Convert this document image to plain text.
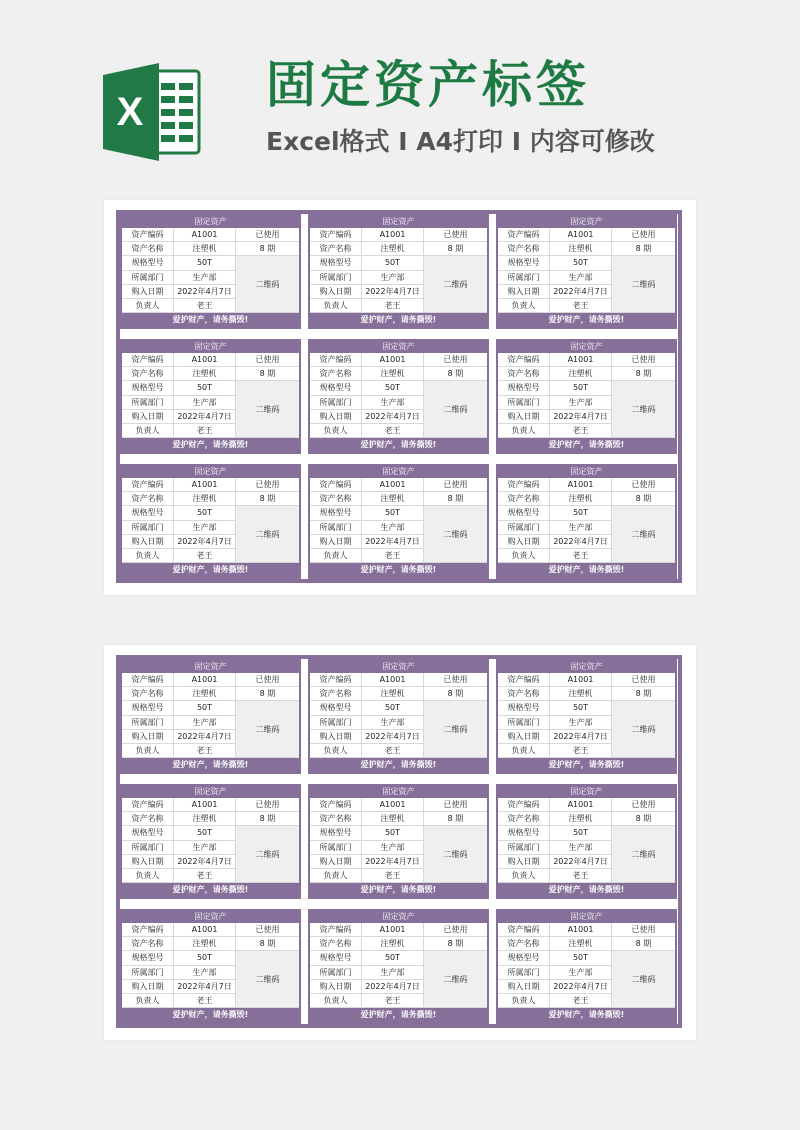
X 固定资产标签
Excel格式 Ⅰ A4打印 Ⅰ 内容可修改
固定资产
资产编码	A1001	已使用
资产名称	注塑机	8 期
规格型号	50T
二维码
所属部门	生产部
购入日期	2022年4月7日
负责人	老王
爱护财产，请务撕毁!
固定资产
资产编码	A1001	已使用
资产名称	注塑机	8 期
规格型号	50T
二维码
所属部门	生产部
购入日期	2022年4月7日
负责人	老王
爱护财产，请务撕毁!
固定资产
资产编码	A1001	已使用
资产名称	注塑机	8 期
规格型号	50T
二维码
所属部门	生产部
购入日期	2022年4月7日
负责人	老王
爱护财产，请务撕毁!
固定资产
资产编码	A1001	已使用
资产名称	注塑机	8 期
规格型号	50T
二维码
所属部门	生产部
购入日期	2022年4月7日
负责人	老王
爱护财产，请务撕毁!
固定资产
资产编码	A1001	已使用
资产名称	注塑机	8 期
规格型号	50T
二维码
所属部门	生产部
购入日期	2022年4月7日
负责人	老王
爱护财产，请务撕毁!
固定资产
资产编码	A1001	已使用
资产名称	注塑机	8 期
规格型号	50T
二维码
所属部门	生产部
购入日期	2022年4月7日
负责人	老王
爱护财产，请务撕毁!
固定资产
资产编码	A1001	已使用
资产名称	注塑机	8 期
规格型号	50T
二维码
所属部门	生产部
购入日期	2022年4月7日
负责人	老王
爱护财产，请务撕毁!
固定资产
资产编码	A1001	已使用
资产名称	注塑机	8 期
规格型号	50T
二维码
所属部门	生产部
购入日期	2022年4月7日
负责人	老王
爱护财产，请务撕毁!
固定资产
资产编码	A1001	已使用
资产名称	注塑机	8 期
规格型号	50T
二维码
所属部门	生产部
购入日期	2022年4月7日
负责人	老王
爱护财产，请务撕毁!
固定资产
资产编码	A1001	已使用
资产名称	注塑机	8 期
规格型号	50T
二维码
所属部门	生产部
购入日期	2022年4月7日
负责人	老王
爱护财产，请务撕毁!
固定资产
资产编码	A1001	已使用
资产名称	注塑机	8 期
规格型号	50T
二维码
所属部门	生产部
购入日期	2022年4月7日
负责人	老王
爱护财产，请务撕毁!
固定资产
资产编码	A1001	已使用
资产名称	注塑机	8 期
规格型号	50T
二维码
所属部门	生产部
购入日期	2022年4月7日
负责人	老王
爱护财产，请务撕毁!
固定资产
资产编码	A1001	已使用
资产名称	注塑机	8 期
规格型号	50T
二维码
所属部门	生产部
购入日期	2022年4月7日
负责人	老王
爱护财产，请务撕毁!
固定资产
资产编码	A1001	已使用
资产名称	注塑机	8 期
规格型号	50T
二维码
所属部门	生产部
购入日期	2022年4月7日
负责人	老王
爱护财产，请务撕毁!
固定资产
资产编码	A1001	已使用
资产名称	注塑机	8 期
规格型号	50T
二维码
所属部门	生产部
购入日期	2022年4月7日
负责人	老王
爱护财产，请务撕毁!
固定资产
资产编码	A1001	已使用
资产名称	注塑机	8 期
规格型号	50T
二维码
所属部门	生产部
购入日期	2022年4月7日
负责人	老王
爱护财产，请务撕毁!
固定资产
资产编码	A1001	已使用
资产名称	注塑机	8 期
规格型号	50T
二维码
所属部门	生产部
购入日期	2022年4月7日
负责人	老王
爱护财产，请务撕毁!
固定资产
资产编码	A1001	已使用
资产名称	注塑机	8 期
规格型号	50T
二维码
所属部门	生产部
购入日期	2022年4月7日
负责人	老王
爱护财产，请务撕毁!
